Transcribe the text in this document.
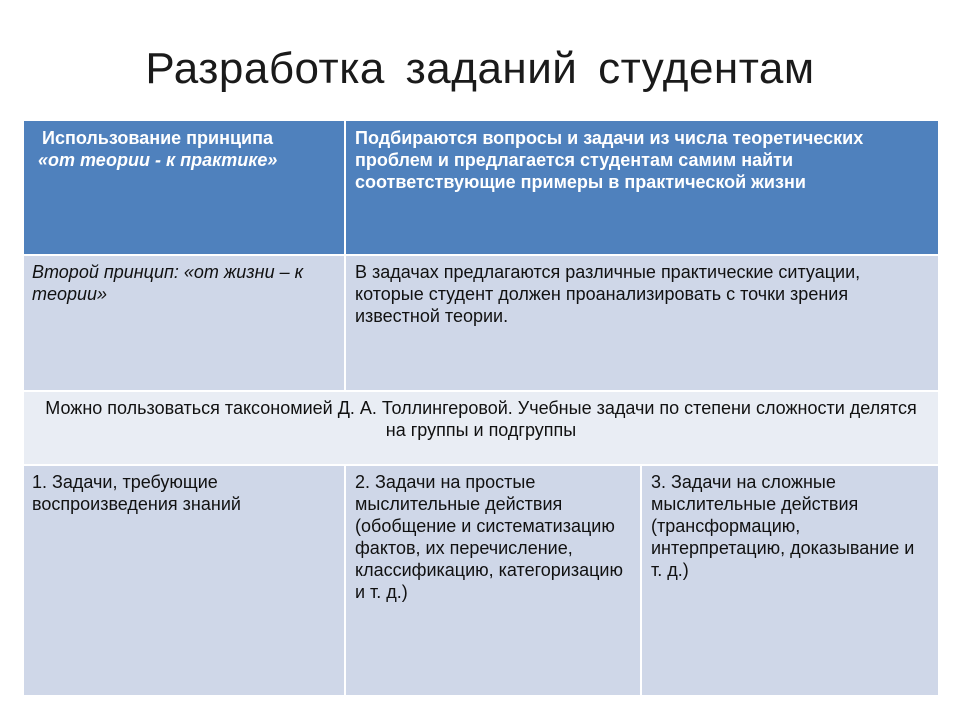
Разработка заданий студентам
Использование принципа
«от теории - к практике»
Подбираются вопросы и задачи из числа теоретических проблем и предлагается студентам самим найти соответствующие примеры в практической жизни
Второй принцип: «от жизни – к теории»
В задачах предлагаются различные практические ситуации, которые студент должен проанализировать с точки зрения известной теории.
Можно пользоваться таксономией Д. А. Толлингеровой. Учебные задачи по степени сложности делятся на группы и подгруппы
1. Задачи, требующие воспроизведения знаний
2. Задачи на простые мыслительные действия (обобщение и систематизацию фактов, их перечисление, классификацию, категоризацию и т. д.)
3. Задачи на сложные мыслительные действия (трансформацию, интерпретацию, доказывание и т. д.)
